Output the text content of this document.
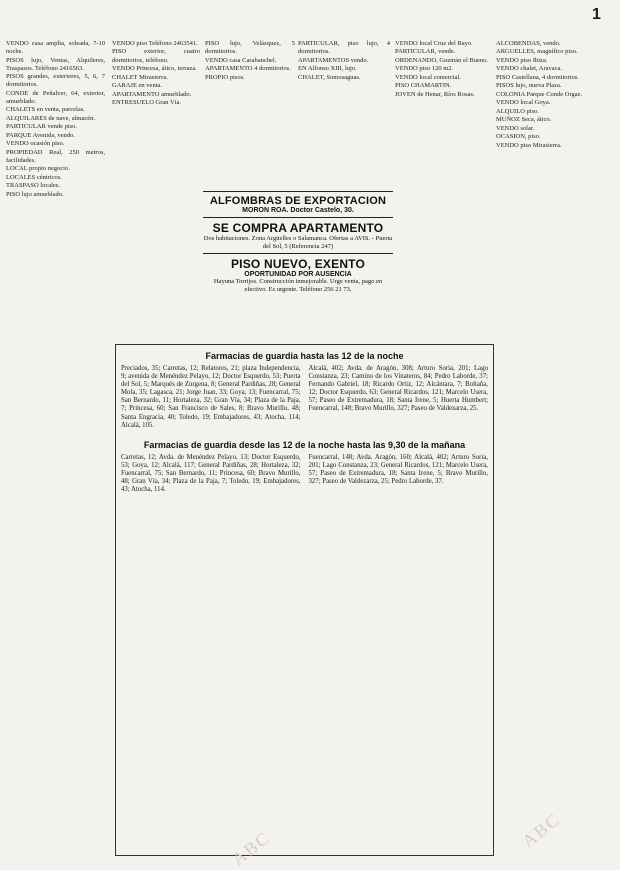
VENDO casa amplia, soleada, 7-10 noche.

PISOS lujo, Ventas, Alquileres, Traspasos. Teléfono 2416563.

PISOS grandes, exteriores, 5, 6, 7 dormitorios.

CONDE de Peñalver, 64, exterior, amueblado.

CHALETS en venta, parcelas.

ALQUILARES de nave, almacén.

PARTICULAR vende piso.

PARQUE Avenida, vendo.

VENDO ocasión piso.

PROPIEDAD Real, 250 metros, facilidades.

LOCAL propio negocio.

LOCALES céntricos.

TRASPASO locales.

PISO lujo amueblado.

VENDO piso Teléfono 2463541.

PISO exterior, cuatro dormitorios, teléfono.

VENDO Princesa, ático, terraza.

CHALET Mirasierra.

GARAJE en venta.

APARTAMENTO amueblado.

ENTRESUELO Gran Vía.

PISO lujo, Velázquez, 5 dormitorios.

VENDO casa Carabanchel.

APARTAMENTO 4 dormitorios.

PROPIO pisos.

PARTICULAR, piso lujo, 4 dormitorios.

APARTAMENTOS vendo.

EN Alfonso XIII, lujo.

CHALET, Somosaguas.

VENDO local Cruz del Rayo.

PARTICULAR, vende.

ORDENANDO, Guzmán el Bueno.

VENDO piso 120 m2.

VENDO local comercial.

PISO CHAMARTIN.

JOVEN de Henar, Ríos Rosas.

ALCOBENDAS, vendo.

ARGUELLES, magnífico piso.

VENDO piso Ibiza.

VENDO chalet, Aravaca.

PISO Castellana, 4 dormitorios.

PISOS lujo, nueva Plaza.

COLONIA Parque Conde Orgaz.

VENDO local Goya.

ALQUILO piso.

MUÑOZ Seca, ático.

VENDO solar.

OCASION, piso.

VENDO piso Mirasierra.

ALFOMBRAS DE EXPORTACION
MORON ROA. Doctor Castelo, 30.
SE COMPRA APARTAMENTO
Dos habitaciones. Zona Argüelles o Salamanca. Ofertas a AVIS. - Puerta del Sol, 5 (Referencia 247)
PISO NUEVO, EXENTO
OPORTUNIDAD POR AUSENCIA
Hayuna Torrijos. Construcción inmejorable. Urge venta, pago en efectivo. Es urgente. Teléfono 256 21 73.
Farmacias de guardia hasta las 12 de la noche
Preciados, 35; Carretas, 12; Relatores, 21; plaza Independencia, 9; avenida de Menéndez Pelayo, 12; Doctor Esquerdo, 53; Puerta del Sol, 5; Marqués de Zurgena, 8; General Pardiñas, 28; General Mola, 35; Lagasca, 21; Jorge Juan, 33; Goya, 13; Fuencarral, 75; San Bernardo, 11; Hortaleza, 32; Gran Vía, 34; Plaza de la Paja, 7; Princesa, 60; San Francisco de Sales, 8; Bravo Murillo, 48; Santa Engracia, 40; Toledo, 19; Embajadores, 43; Atocha, 114; Alcalá, 105.
Alcalá, 402; Avda. de Aragón, 308; Arturo Soria, 201; Lago Constanza, 23; Camino de los Vinateros, 84; Pedro Laborde, 37; Fernando Gabriel, 18; Ricardo Ortiz, 12; Alcántara, 7; Boltaña, 12; Doctor Esquerdo, 63; General Ricardos, 121; Marcelo Usera, 57; Paseo de Extremadura, 18; Santa Irene, 5; Huerta Humbert; Fuencarral, 148; Bravo Murillo, 327; Paseo de Valdezarza, 25.
Farmacias de guardia desde las 12 de la noche hasta las 9,30 de la mañana
Carretas, 12; Avda. de Menéndez Pelayo, 13; Doctor Esquerdo, 53; Goya, 12; Alcalá, 117; General Pardiñas, 28; Hortaleza, 32; Fuencarral, 75; San Bernardo, 11; Princesa, 60; Bravo Murillo, 48; Gran Vía, 34; Plaza de la Paja, 7; Toledo, 19; Embajadores, 43; Atocha, 114.
Fuencarral, 148; Avda. Aragón, 160; Alcalá, 402; Arturo Soria, 201; Lago Constanza, 23; General Ricardos, 121; Marcelo Usera, 57; Paseo de Extremadura, 18; Santa Irene, 5; Bravo Murillo, 327; Paseo de Valdezarza, 25; Pedro Laborde, 37.
ABC	ABC
1
